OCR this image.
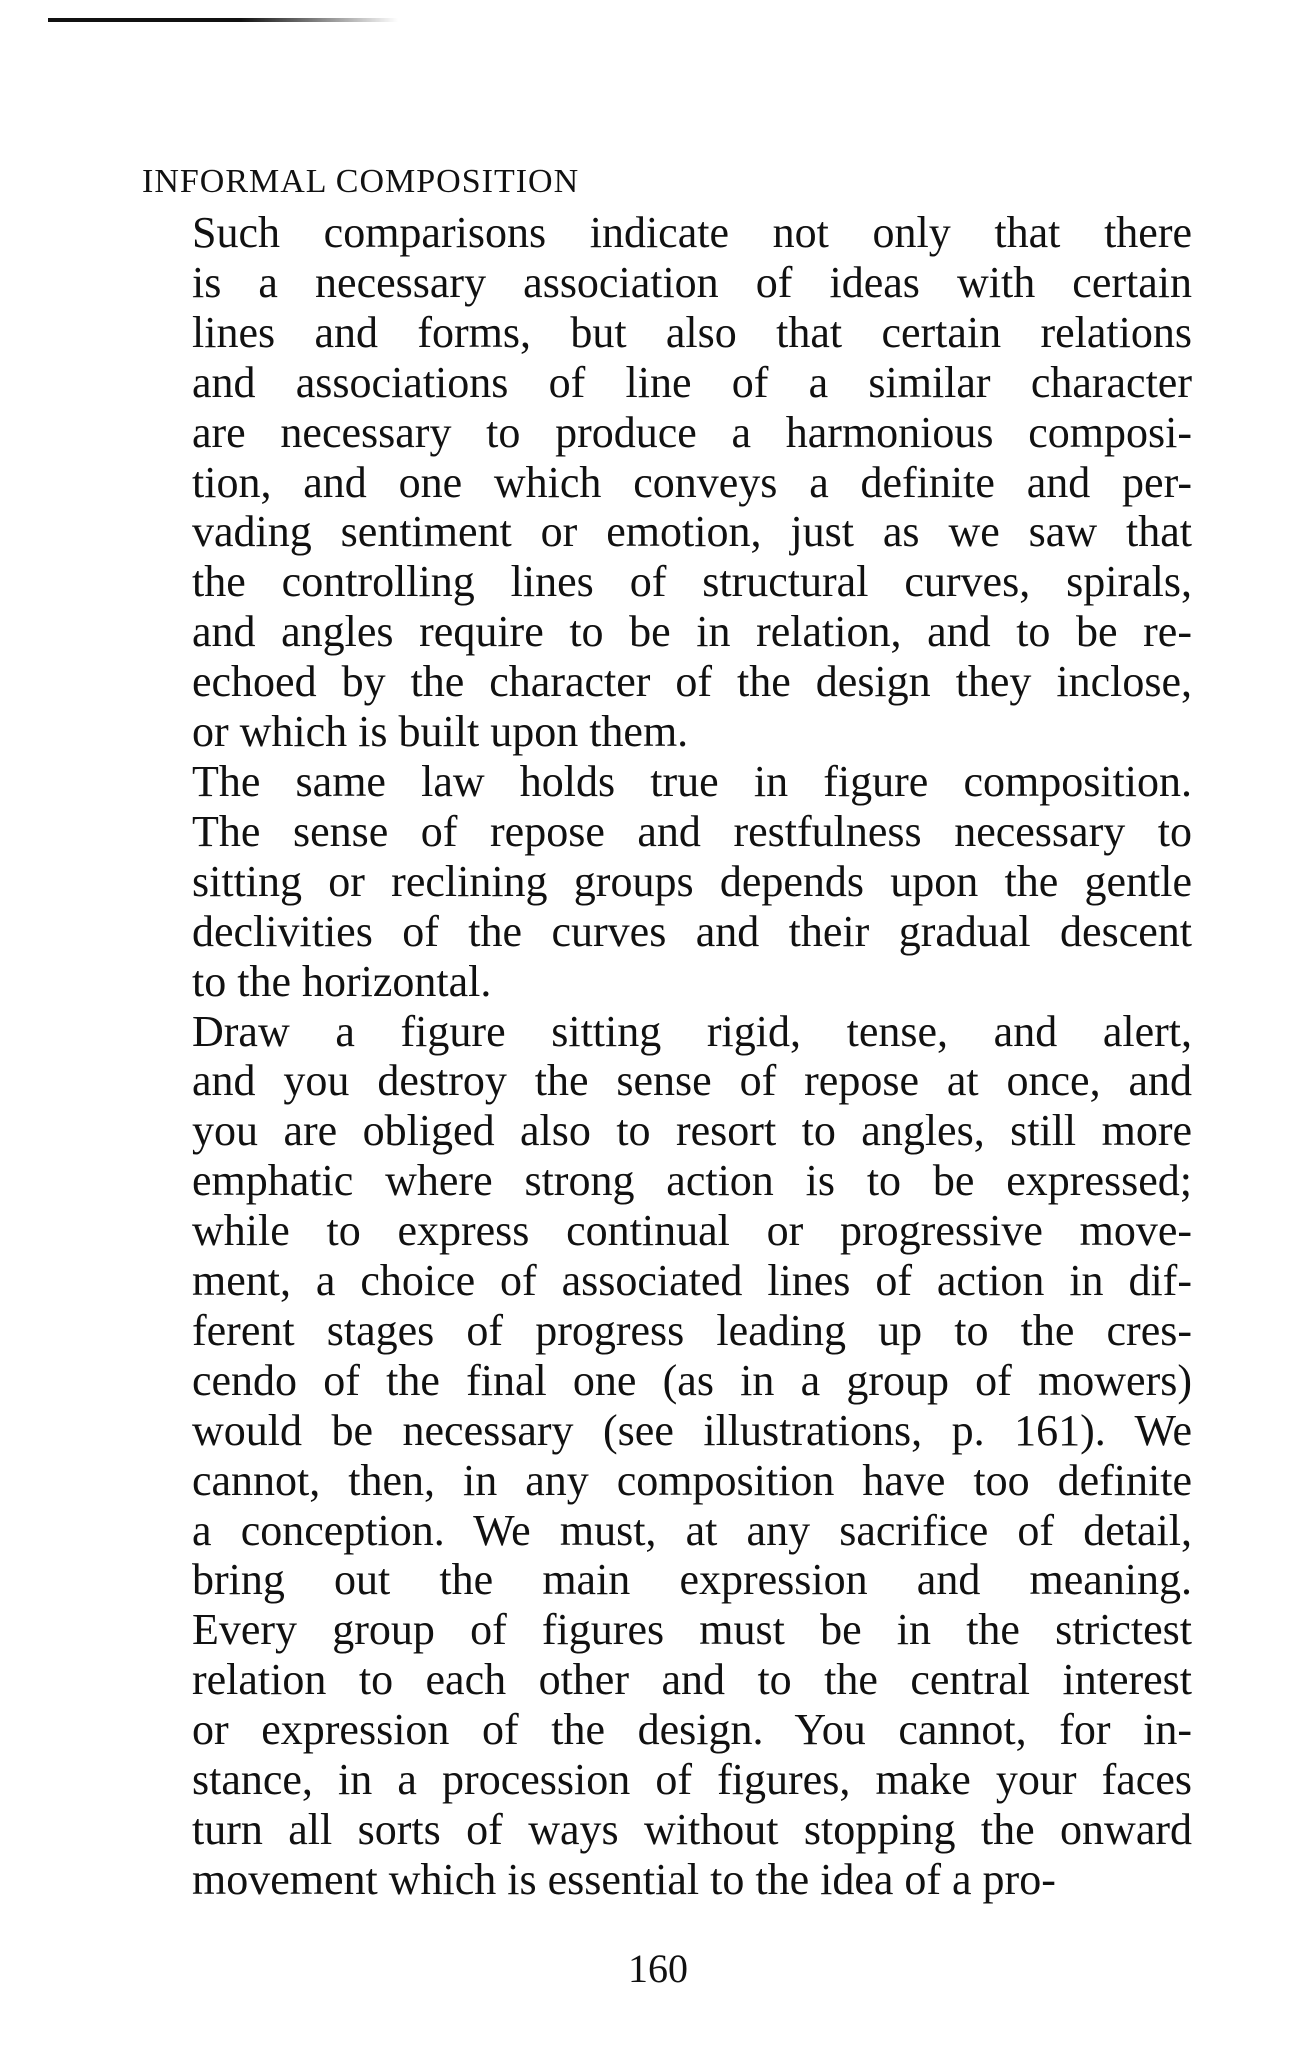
INFORMAL COMPOSITION
Such comparisons indicate not only that there
is a necessary association of ideas with certain
lines and forms, but also that certain relations
and associations of line of a similar character
are necessary to produce a harmonious composi-
tion, and one which conveys a definite and per-
vading sentiment or emotion, just as we saw that
the controlling lines of structural curves, spirals,
and angles require to be in relation, and to be re-
echoed by the character of the design they inclose,
or which is built upon them.
The same law holds true in figure composition.
The sense of repose and restfulness necessary to
sitting or reclining groups depends upon the gentle
declivities of the curves and their gradual descent
to the horizontal.
Draw a figure sitting rigid, tense, and alert,
and you destroy the sense of repose at once, and
you are obliged also to resort to angles, still more
emphatic where strong action is to be expressed;
while to express continual or progressive move-
ment, a choice of associated lines of action in dif-
ferent stages of progress leading up to the cres-
cendo of the final one (as in a group of mowers)
would be necessary (see illustrations, p. 161). We
cannot, then, in any composition have too definite
a conception. We must, at any sacrifice of detail,
bring out the main expression and meaning.
Every group of figures must be in the strictest
relation to each other and to the central interest
or expression of the design. You cannot, for in-
stance, in a procession of figures, make your faces
turn all sorts of ways without stopping the onward
movement which is essential to the idea of a pro-
160
